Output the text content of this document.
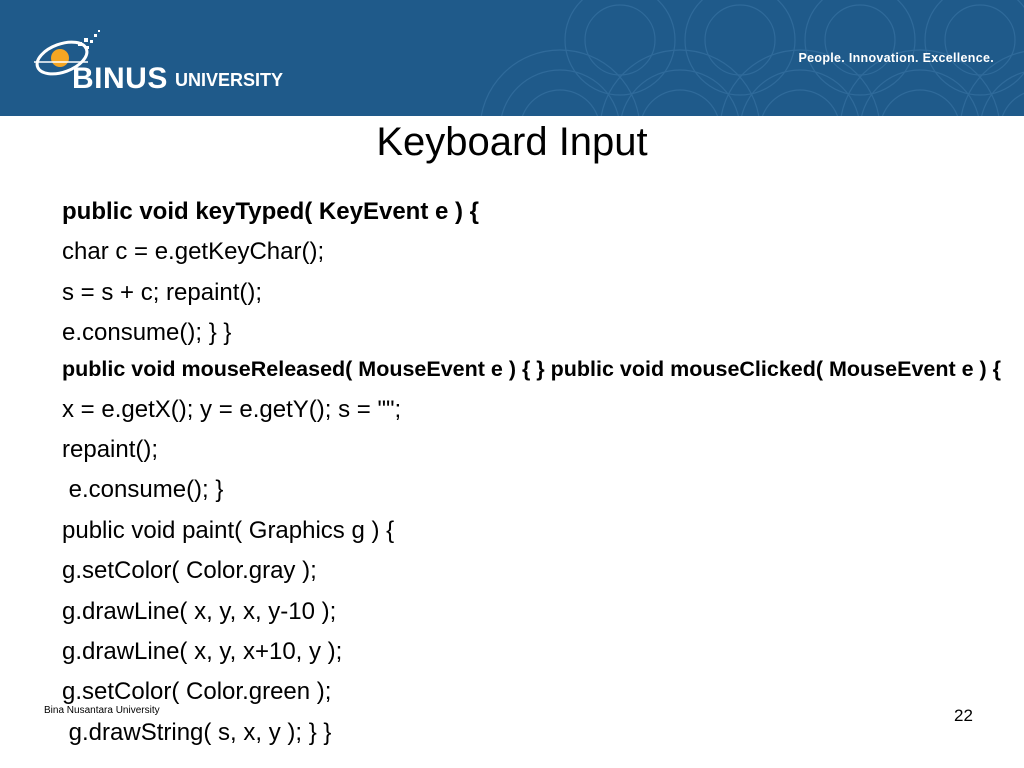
BINUS UNIVERSITY
People. Innovation. Excellence.
Keyboard Input
public void keyTyped( KeyEvent e ) {
char c = e.getKeyChar();
s = s + c; repaint();
e.consume(); } }
public void mouseReleased( MouseEvent e ) { } public void mouseClicked( MouseEvent e ) {
x = e.getX(); y = e.getY(); s = "";
repaint();
e.consume(); }
public void paint( Graphics g ) {
g.setColor( Color.gray );
g.drawLine( x, y, x, y-10 );
g.drawLine( x, y, x+10, y );
g.setColor( Color.green );
g.drawString( s, x, y ); } }
Bina Nusantara University	22
